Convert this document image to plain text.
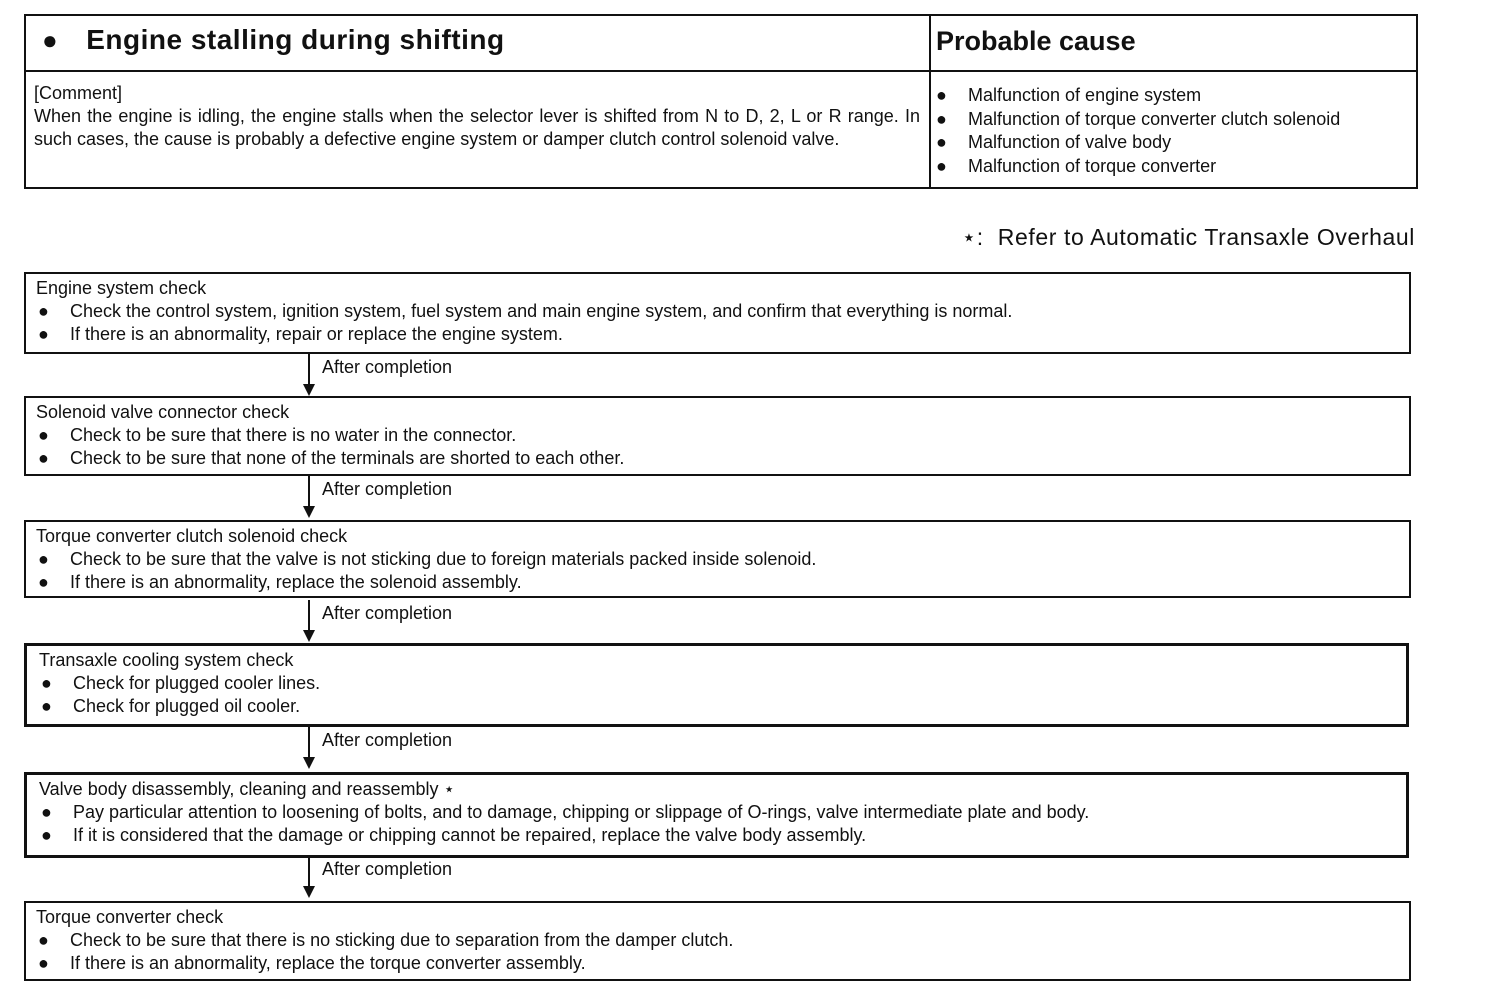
● Engine stalling during shifting	Probable cause
[Comment]
When the engine is idling, the engine stalls when the selector lever is shifted from N to D, 2, L or R range. In such cases, the cause is probably a defective engine system or damper clutch control solenoid valve.
● Malfunction of engine system
● Malfunction of torque converter clutch solenoid
● Malfunction of valve body
● Malfunction of torque converter
⋆: Refer to Automatic Transaxle Overhaul
Engine system check
● Check the control system, ignition system, fuel system and main engine system, and confirm that everything is normal.
● If there is an abnormality, repair or replace the engine system.
After completion
Solenoid valve connector check
● Check to be sure that there is no water in the connector.
● Check to be sure that none of the terminals are shorted to each other.
After completion
Torque converter clutch solenoid check
● Check to be sure that the valve is not sticking due to foreign materials packed inside solenoid.
● If there is an abnormality, replace the solenoid assembly.
After completion
Transaxle cooling system check
● Check for plugged cooler lines.
● Check for plugged oil cooler.
After completion
Valve body disassembly, cleaning and reassembly ⋆
● Pay particular attention to loosening of bolts, and to damage, chipping or slippage of O-rings, valve intermediate plate and body.
● If it is considered that the damage or chipping cannot be repaired, replace the valve body assembly.
After completion
Torque converter check
● Check to be sure that there is no sticking due to separation from the damper clutch.
● If there is an abnormality, replace the torque converter assembly.
